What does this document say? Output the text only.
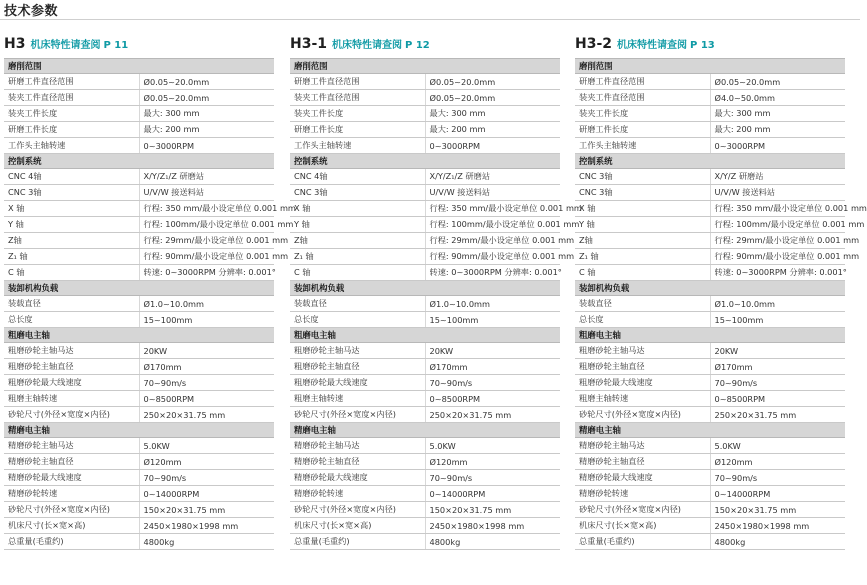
技术参数
H3 机床特性请查阅 P 11
磨削范围	
研磨工件直径范围	Ø0.05~20.0mm
装夹工件直径范围	Ø0.05~20.0mm
装夹工件长度	最大: 300 mm
研磨工件长度	最大: 200 mm
工作头主轴转速	0~3000RPM
控制系统	
CNC 4轴	X/Y/Z₁/Z 研磨站
CNC 3轴	U/V/W 接送料站
X 轴	行程: 350 mm/最小设定单位 0.001 mm
Y 轴	行程: 100mm/最小设定单位 0.001 mm
Z轴	行程: 29mm/最小设定单位 0.001 mm
Z₁ 轴	行程: 90mm/最小设定单位 0.001 mm
C 轴	转速: 0~3000RPM 分辨率: 0.001°
装卸机构负载	
装载直径	Ø1.0~10.0mm
总长度	15~100mm
粗磨电主轴	
粗磨砂轮主轴马达	20KW
粗磨砂轮主轴直径	Ø170mm
粗磨砂轮最大线速度	70~90m/s
粗磨主轴转速	0~8500RPM
砂轮尺寸(外径×宽度×内径)	250×20×31.75 mm
精磨电主轴	
精磨砂轮主轴马达	5.0KW
精磨砂轮主轴直径	Ø120mm
精磨砂轮最大线速度	70~90m/s
精磨砂轮转速	0~14000RPM
砂轮尺寸(外径×宽度×内径)	150×20×31.75 mm
机床尺寸(长×宽×高)	2450×1980×1998 mm
总重量(毛重约)	4800kg
H3-1 机床特性请查阅 P 12
磨削范围	
研磨工件直径范围	Ø0.05~20.0mm
装夹工件直径范围	Ø0.05~20.0mm
装夹工件长度	最大: 300 mm
研磨工件长度	最大: 200 mm
工作头主轴转速	0~3000RPM
控制系统	
CNC 4轴	X/Y/Z₁/Z 研磨站
CNC 3轴	U/V/W 接送料站
X 轴	行程: 350 mm/最小设定单位 0.001 mm
Y 轴	行程: 100mm/最小设定单位 0.001 mm
Z轴	行程: 29mm/最小设定单位 0.001 mm
Z₁ 轴	行程: 90mm/最小设定单位 0.001 mm
C 轴	转速: 0~3000RPM 分辨率: 0.001°
装卸机构负载	
装载直径	Ø1.0~10.0mm
总长度	15~100mm
粗磨电主轴	
粗磨砂轮主轴马达	20KW
粗磨砂轮主轴直径	Ø170mm
粗磨砂轮最大线速度	70~90m/s
粗磨主轴转速	0~8500RPM
砂轮尺寸(外径×宽度×内径)	250×20×31.75 mm
精磨电主轴	
精磨砂轮主轴马达	5.0KW
精磨砂轮主轴直径	Ø120mm
精磨砂轮最大线速度	70~90m/s
精磨砂轮转速	0~14000RPM
砂轮尺寸(外径×宽度×内径)	150×20×31.75 mm
机床尺寸(长×宽×高)	2450×1980×1998 mm
总重量(毛重约)	4800kg
H3-2 机床特性请查阅 P 13
磨削范围	
研磨工件直径范围	Ø0.05~20.0mm
装夹工件直径范围	Ø4.0~50.0mm
装夹工件长度	最大: 300 mm
研磨工件长度	最大: 200 mm
工作头主轴转速	0~3000RPM
控制系统	
CNC 3轴	X/Y/Z 研磨站
CNC 3轴	U/V/W 接送料站
X 轴	行程: 350 mm/最小设定单位 0.001 mm
Y 轴	行程: 100mm/最小设定单位 0.001 mm
Z轴	行程: 29mm/最小设定单位 0.001 mm
Z₁ 轴	行程: 90mm/最小设定单位 0.001 mm
C 轴	转速: 0~3000RPM 分辨率: 0.001°
装卸机构负载	
装载直径	Ø1.0~10.0mm
总长度	15~100mm
粗磨电主轴	
粗磨砂轮主轴马达	20KW
粗磨砂轮主轴直径	Ø170mm
粗磨砂轮最大线速度	70~90m/s
粗磨主轴转速	0~8500RPM
砂轮尺寸(外径×宽度×内径)	250×20×31.75 mm
精磨电主轴	
精磨砂轮主轴马达	5.0KW
精磨砂轮主轴直径	Ø120mm
精磨砂轮最大线速度	70~90m/s
精磨砂轮转速	0~14000RPM
砂轮尺寸(外径×宽度×内径)	150×20×31.75 mm
机床尺寸(长×宽×高)	2450×1980×1998 mm
总重量(毛重约)	4800kg
